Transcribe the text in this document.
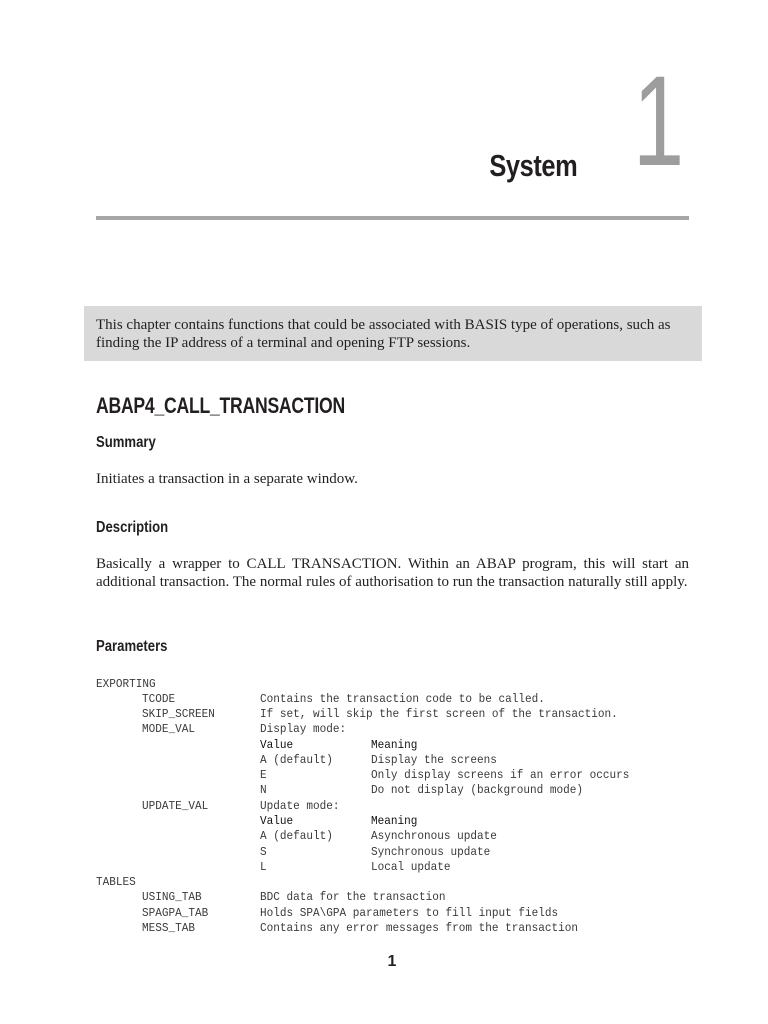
System 1
This chapter contains functions that could be associated with BASIS type of operations, such as finding the IP address of a terminal and opening FTP sessions.
ABAP4_CALL_TRANSACTION
Summary
Initiates a transaction in a separate window.
Description
Basically a wrapper to CALL TRANSACTION. Within an ABAP program, this will start an additional transaction. The normal rules of authorisation to run the transaction naturally still apply.
Parameters
EXPORTING
TCODE	Contains the transaction code to be called.
SKIP_SCREEN	If set, will skip the first screen of the transaction.
MODE_VAL	Display mode:
Value	Meaning
A (default)	Display the screens
E	Only display screens if an error occurs
N	Do not display (background mode)
UPDATE_VAL	Update mode:
Value	Meaning
A (default)	Asynchronous update
S	Synchronous update
L	Local update
TABLES
USING_TAB	BDC data for the transaction
SPAGPA_TAB	Holds SPA\GPA parameters to fill input fields
MESS_TAB	Contains any error messages from the transaction
1
